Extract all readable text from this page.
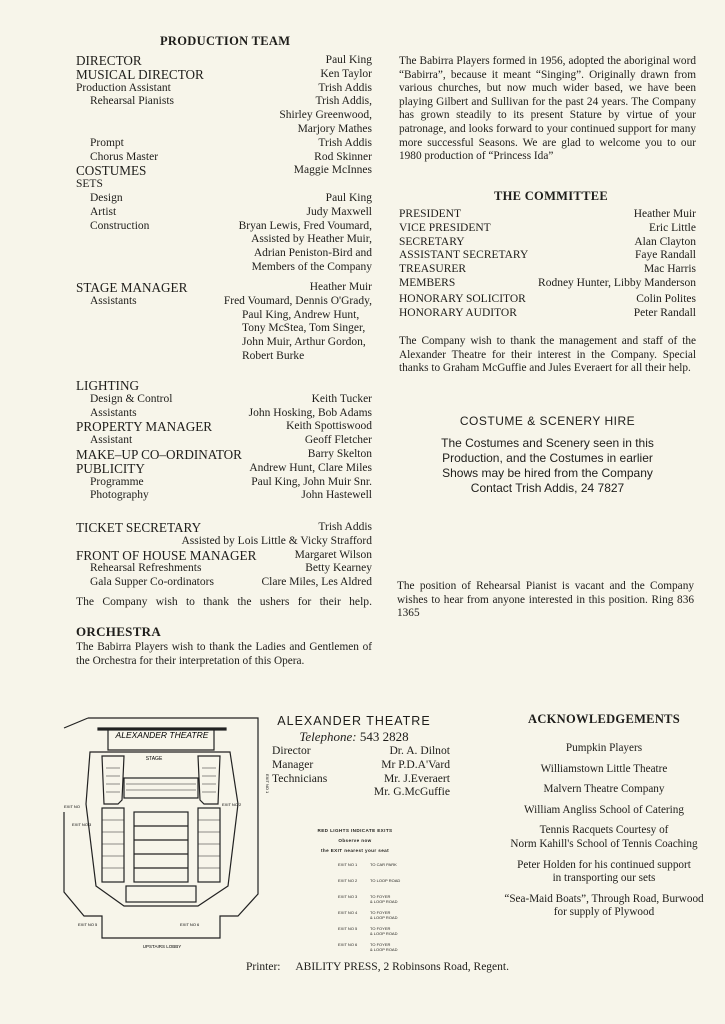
PRODUCTION TEAM
DIRECTOR	Paul King
MUSICAL DIRECTOR	Ken Taylor
Production Assistant	Trish Addis
Rehearsal Pianists	Trish Addis,
Shirley Greenwood,
Marjory Mathes
Prompt	Trish Addis
Chorus Master	Rod Skinner
COSTUMES	Maggie McInnes
SETS
Design	Paul King
Artist	Judy Maxwell
Construction	Bryan Lewis, Fred Voumard,
Assisted by Heather Muir,
Adrian Peniston-Bird and
Members of the Company
STAGE MANAGER	Heather Muir
Assistants	Fred Voumard, Dennis O'Grady,
Paul King, Andrew Hunt,
Tony McStea, Tom Singer,
John Muir, Arthur Gordon,
Robert Burke
LIGHTING
Design & Control	Keith Tucker
Assistants	John Hosking, Bob Adams
PROPERTY MANAGER	Keith Spottiswood
Assistant	Geoff Fletcher
MAKE–UP CO–ORDINATOR	Barry Skelton
PUBLICITY	Andrew Hunt, Clare Miles
Programme	Paul King, John Muir Snr.
Photography	John Hastewell
TICKET SECRETARY	Trish Addis
Assisted by Lois Little & Vicky Strafford
FRONT OF HOUSE MANAGER	Margaret Wilson
Rehearsal Refreshments	Betty Kearney
Gala Supper Co-ordinators	Clare Miles, Les Aldred
The Company wish to thank the ushers for their help.
ORCHESTRA
The Babirra Players wish to thank the Ladies and Gentlemen of the Orchestra for their interpretation of this Opera.
The Babirra Players formed in 1956, adopted the aboriginal word “Babirra”, because it meant “Singing”. Originally drawn from various churches, but now much wider based, we have been playing Gilbert and Sullivan for the past 24 years. The Company has grown steadily to its present Stature by virtue of your patronage, and looks forward to your continued support for many more successful Seasons. We are glad to welcome you to our 1980 production of “Princess Ida”
THE COMMITTEE
PRESIDENT	Heather Muir
VICE PRESIDENT	Eric Little
SECRETARY	Alan Clayton
ASSISTANT SECRETARY	Faye Randall
TREASURER	Mac Harris
MEMBERS	Rodney Hunter, Libby Manderson
HONORARY SOLICITOR	Colin Polites
HONORARY AUDITOR	Peter Randall
The Company wish to thank the management and staff of the Alexander Theatre for their interest in the Company. Special thanks to Graham McGuffie and Jules Everaert for all their help.
COSTUME & SCENERY HIRE
The Costumes and Scenery seen in this
Production, and the Costumes in earlier
Shows may be hired from the Company
Contact Trish Addis, 24 7827
The position of Rehearsal Pianist is vacant and the Company wishes to hear from anyone interested in this position. Ring 836 1365
ALEXANDER THEATRE
STAGE
UPSTAIRS LOBBY
EXIT NO	EXIT NO 2
EXIT NO 3
EXIT NO 5	EXIT NO 6
EXIT NO 1
ALEXANDER THEATRE
Telephone: 543 2828
Director	Dr. A. Dilnot
Manager	Mr P.D.A'Vard
Technicians	Mr. J.Everaert
Mr. G.McGuffie
RED LIGHTS INDICATE EXITS
Observe now
the EXIT nearest your seat
EXIT NO 1	TO CAR PARK
EXIT NO 2	TO LOOP ROAD
EXIT NO 3	TO FOYER
& LOOP ROAD
EXIT NO 4	TO FOYER
& LOOP ROAD
EXIT NO 5	TO FOYER
& LOOP ROAD
EXIT NO 6	TO FOYER
& LOOP ROAD
ACKNOWLEDGEMENTS
Pumpkin Players
Williamstown Little Theatre
Malvern Theatre Company
William Angliss School of Catering
Tennis Racquets Courtesy of
Norm Kahill's School of Tennis Coaching
Peter Holden for his continued support
in transporting our sets
“Sea-Maid Boats”, Through Road, Burwood
for supply of Plywood
Printer: ABILITY PRESS, 2 Robinsons Road, Regent.
